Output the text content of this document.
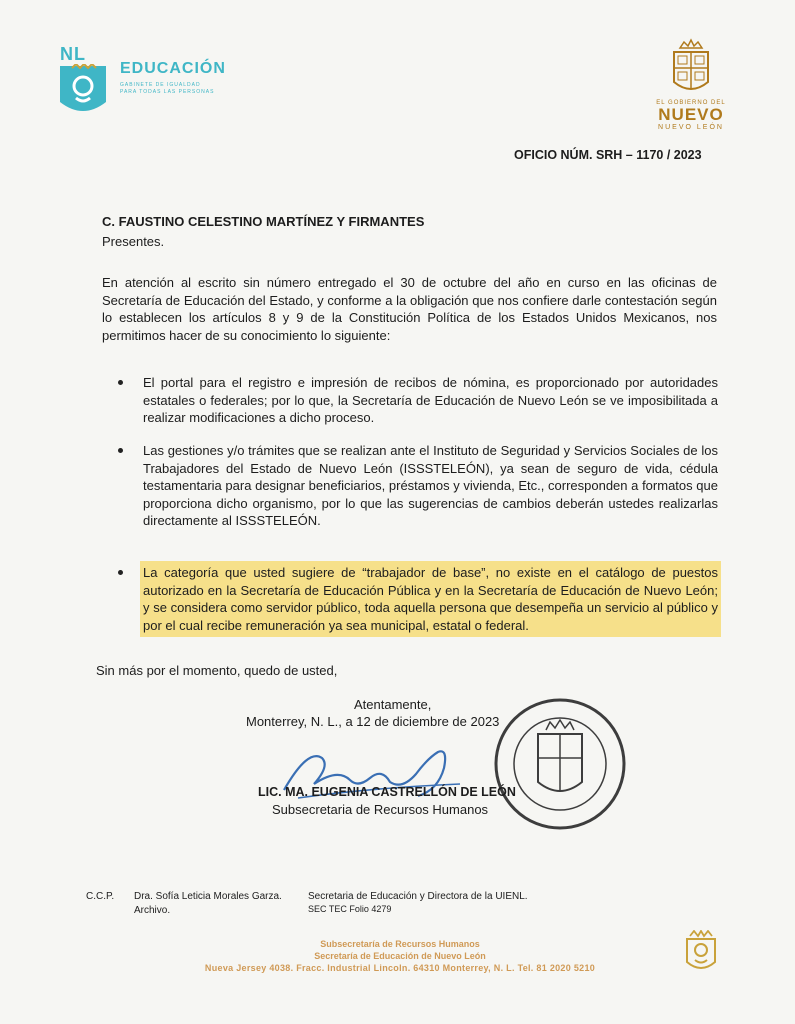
NL
EDUCACIÓN
GABINETE DE IGUALDAD
PARA TODAS LAS PERSONAS
EL GOBIERNO DEL
NUEVO
NUEVO LEÓN
OFICIO NÚM. SRH – 1170 / 2023
C. FAUSTINO CELESTINO MARTÍNEZ Y FIRMANTES
Presentes.
En atención al escrito sin número entregado el 30 de octubre del año en curso en las oficinas de Secretaría de Educación del Estado, y conforme a la obligación que nos confiere darle contestación según lo establecen los artículos 8 y 9 de la Constitución Política de los Estados Unidos Mexicanos, nos permitimos hacer de su conocimiento lo siguiente:
El portal para el registro e impresión de recibos de nómina, es proporcionado por autoridades estatales o federales; por lo que, la Secretaría de Educación de Nuevo León se ve imposibilitada a realizar modificaciones a dicho proceso.
Las gestiones y/o trámites que se realizan ante el Instituto de Seguridad y Servicios Sociales de los Trabajadores del Estado de Nuevo León (ISSSTELEÓN), ya sean de seguro de vida, cédula testamentaria para designar beneficiarios, préstamos y vivienda, Etc., corresponden a formatos que proporciona dicho organismo, por lo que las sugerencias de cambios deberán ustedes realizarlas directamente al ISSSTELEÓN.
La categoría que usted sugiere de “trabajador de base”, no existe en el catálogo de puestos autorizado en la Secretaría de Educación Pública y en la Secretaría de Educación de Nuevo León; y se considera como servidor público, toda aquella persona que desempeña un servicio al público y por el cual recibe remuneración ya sea municipal, estatal o federal.
Sin más por el momento, quedo de usted,
Atentamente,
Monterrey, N. L., a 12 de diciembre de 2023
LIC. MA. EUGENIA CASTRELLÓN DE LEÓN
Subsecretaria de Recursos Humanos
C.C.P. Dra. Sofía Leticia Morales Garza.
Archivo.
Secretaria de Educación y Directora de la UIENL.
SEC TEC Folio 4279
Subsecretaría de Recursos Humanos
Secretaría de Educación de Nuevo León
Nueva Jersey 4038. Fracc. Industrial Lincoln. 64310 Monterrey, N. L. Tel. 81 2020 5210
